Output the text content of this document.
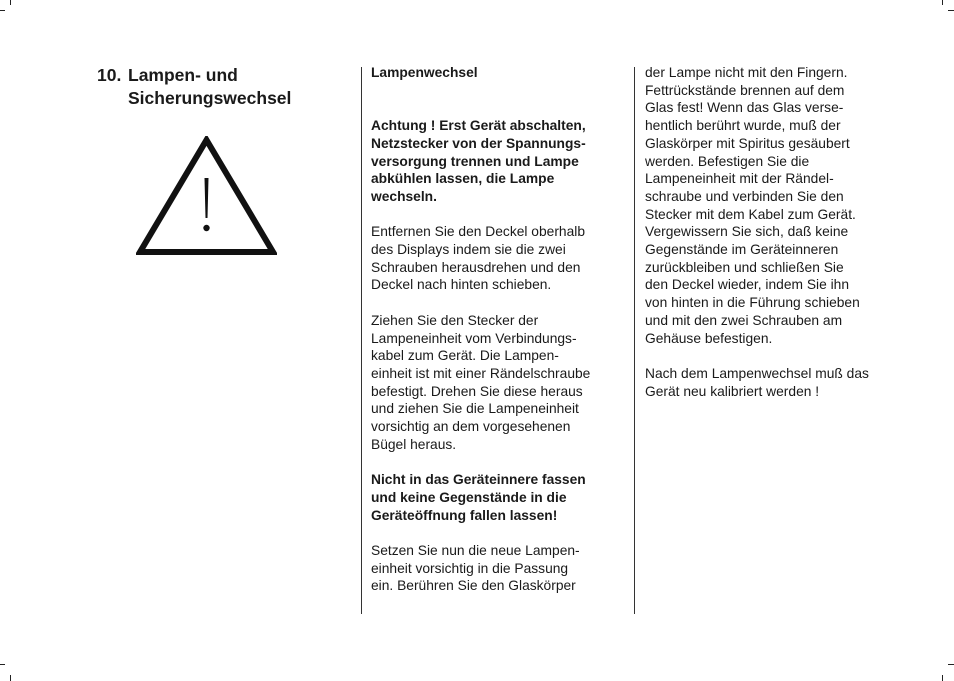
10. Lampen- und
Sicherungswechsel

Lampenwechsel

Achtung ! Erst Gerät abschalten,
Netzstecker von der Spannungs-
versorgung trennen und Lampe
abkühlen lassen, die Lampe
wechseln.

Entfernen Sie den Deckel oberhalb
des Displays indem sie die zwei
Schrauben herausdrehen und den
Deckel nach hinten schieben.

Ziehen Sie den Stecker der
Lampeneinheit vom Verbindungs-
kabel zum Gerät. Die Lampen-
einheit ist mit einer Rändelschraube
befestigt. Drehen Sie diese heraus
und ziehen Sie die Lampeneinheit
vorsichtig an dem vorgesehenen
Bügel heraus.

Nicht in das Geräteinnere fassen
und keine Gegenstände in die
Geräteöffnung fallen lassen!

Setzen Sie nun die neue Lampen-
einheit vorsichtig in die Passung
ein. Berühren Sie den Glaskörper

der Lampe nicht mit den Fingern.
Fettrückstände brennen auf dem
Glas fest! Wenn das Glas verse-
hentlich berührt wurde, muß der
Glaskörper mit Spiritus gesäubert
werden. Befestigen Sie die
Lampeneinheit mit der Rändel-
schraube und verbinden Sie den
Stecker mit dem Kabel zum Gerät.
Vergewissern Sie sich, daß keine
Gegenstände im Geräteinneren
zurückbleiben und schließen Sie
den Deckel wieder, indem Sie ihn
von hinten in die Führung schieben
und mit den zwei Schrauben am
Gehäuse befestigen.

Nach dem Lampenwechsel muß das
Gerät neu kalibriert werden !
